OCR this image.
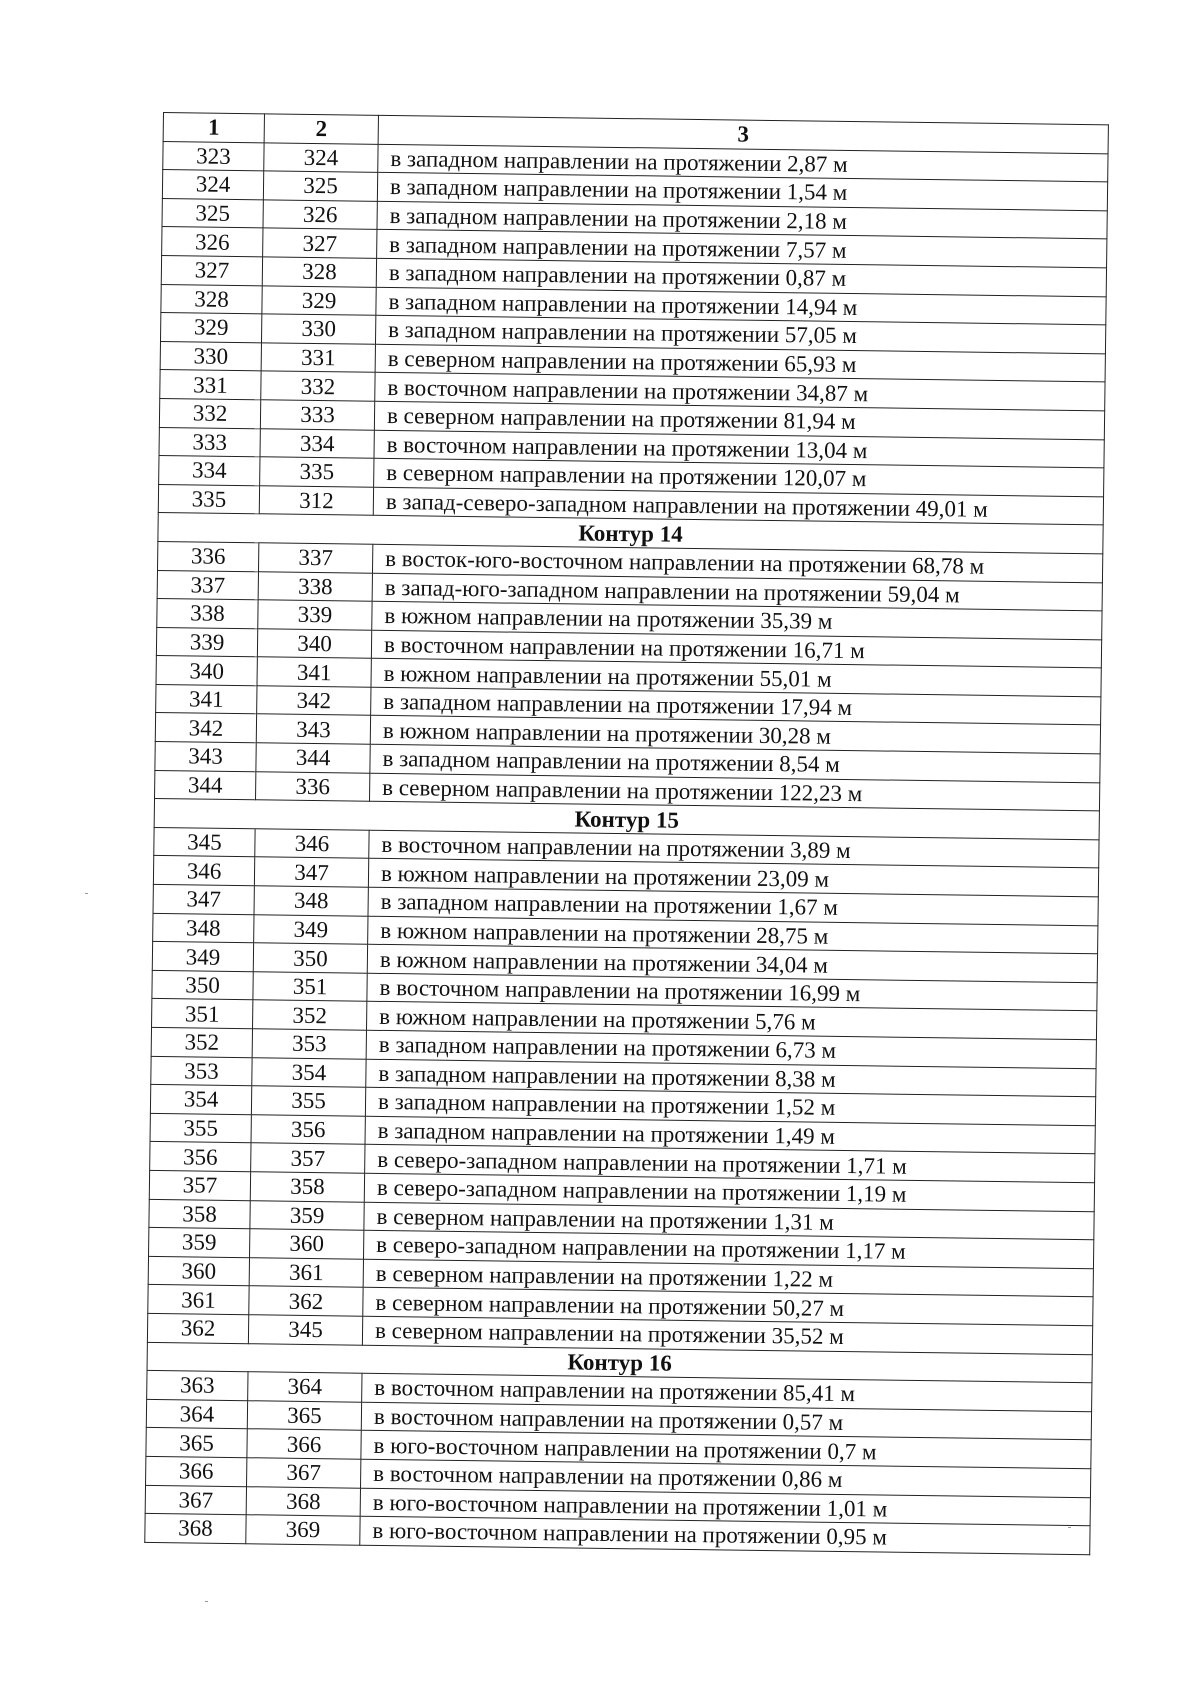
1	2	3
323	324	в западном направлении на протяжении 2,87 м
324	325	в западном направлении на протяжении 1,54 м
325	326	в западном направлении на протяжении 2,18 м
326	327	в западном направлении на протяжении 7,57 м
327	328	в западном направлении на протяжении 0,87 м
328	329	в западном направлении на протяжении 14,94 м
329	330	в западном направлении на протяжении 57,05 м
330	331	в северном направлении на протяжении 65,93 м
331	332	в восточном направлении на протяжении 34,87 м
332	333	в северном направлении на протяжении 81,94 м
333	334	в восточном направлении на протяжении 13,04 м
334	335	в северном направлении на протяжении 120,07 м
335	312	в запад-северо-западном направлении на протяжении 49,01 м
Контур 14		
336	337	в восток-юго-восточном направлении на протяжении 68,78 м
337	338	в запад-юго-западном направлении на протяжении 59,04 м
338	339	в южном направлении на протяжении 35,39 м
339	340	в восточном направлении на протяжении 16,71 м
340	341	в южном направлении на протяжении 55,01 м
341	342	в западном направлении на протяжении 17,94 м
342	343	в южном направлении на протяжении 30,28 м
343	344	в западном направлении на протяжении 8,54 м
344	336	в северном направлении на протяжении 122,23 м
Контур 15		
345	346	в восточном направлении на протяжении 3,89 м
346	347	в южном направлении на протяжении 23,09 м
347	348	в западном направлении на протяжении 1,67 м
348	349	в южном направлении на протяжении 28,75 м
349	350	в южном направлении на протяжении 34,04 м
350	351	в восточном направлении на протяжении 16,99 м
351	352	в южном направлении на протяжении 5,76 м
352	353	в западном направлении на протяжении 6,73 м
353	354	в западном направлении на протяжении 8,38 м
354	355	в западном направлении на протяжении 1,52 м
355	356	в западном направлении на протяжении 1,49 м
356	357	в северо-западном направлении на протяжении 1,71 м
357	358	в северо-западном направлении на протяжении 1,19 м
358	359	в северном направлении на протяжении 1,31 м
359	360	в северо-западном направлении на протяжении 1,17 м
360	361	в северном направлении на протяжении 1,22 м
361	362	в северном направлении на протяжении 50,27 м
362	345	в северном направлении на протяжении 35,52 м
Контур 16		
363	364	в восточном направлении на протяжении 85,41 м
364	365	в восточном направлении на протяжении 0,57 м
365	366	в юго-восточном направлении на протяжении 0,7 м
366	367	в восточном направлении на протяжении 0,86 м
367	368	в юго-восточном направлении на протяжении 1,01 м
368	369	в юго-восточном направлении на протяжении 0,95 м
